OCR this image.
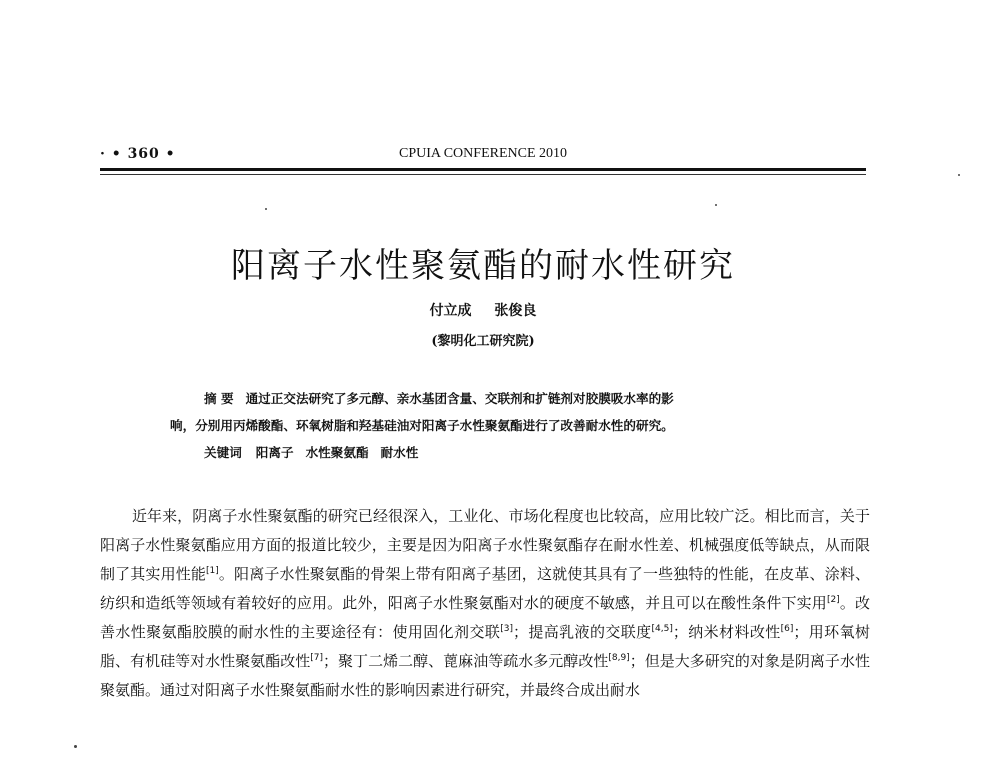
· • 360 •	CPUIA CONFERENCE 2010
阳离子水性聚氨酯的耐水性研究
付立成 张俊良
(黎明化工研究院)
摘 要 通过正交法研究了多元醇、亲水基团含量、交联剂和扩链剂对胶膜吸水率的影
响，分别用丙烯酸酯、环氧树脂和羟基硅油对阳离子水性聚氨酯进行了改善耐水性的研究。
关键词 阳离子 水性聚氨酯 耐水性
近年来，阴离子水性聚氨酯的研究已经很深入，工业化、市场化程度也比较高，应用比较广泛。相比而言，关于阳离子水性聚氨酯应用方面的报道比较少，主要是因为阳离子水性聚氨酯存在耐水性差、机械强度低等缺点，从而限制了其实用性能[1]。阳离子水性聚氨酯的骨架上带有阳离子基团，这就使其具有了一些独特的性能，在皮革、涂料、纺织和造纸等领域有着较好的应用。此外，阳离子水性聚氨酯对水的硬度不敏感，并且可以在酸性条件下实用[2]。改善水性聚氨酯胶膜的耐水性的主要途径有：使用固化剂交联[3]；提高乳液的交联度[4,5]；纳米材料改性[6]；用环氧树脂、有机硅等对水性聚氨酯改性[7]；聚丁二烯二醇、蓖麻油等疏水多元醇改性[8,9]；但是大多研究的对象是阴离子水性聚氨酯。通过对阳离子水性聚氨酯耐水性的影响因素进行研究，并最终合成出耐水
